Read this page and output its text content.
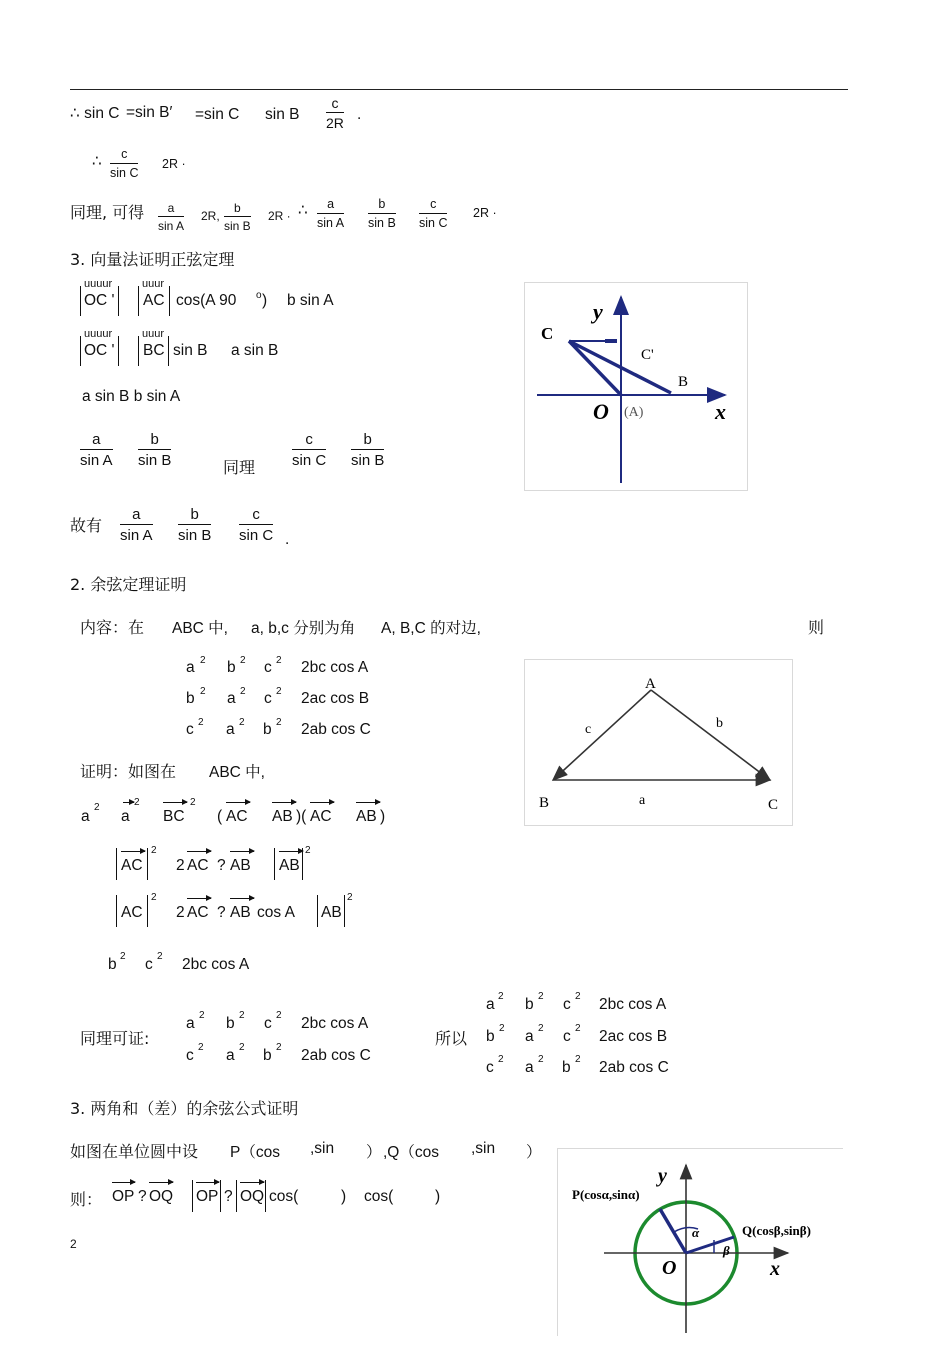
∴ sin C =sin B′ =sin C sin B $\frac{c}{2R}$ .
∴ $\frac{c}{\text{sin C}} 2R$ ·
同理, 可得 $\frac{a}{\text{sin A}} 2R$, $\frac{b}{\text{sin B}} 2R$ · ∴ $\frac{a}{\text{sin A}} \frac{b}{\text{sin B}} \frac{c}{\text{sin C}} 2R$ ·
3. 向量法证明正弦定理
uuuur	uuur
OC ' AC cos(A 90 o ) b sin A
uuuur	uuur
OC ' BC sin B a sin B
a sin B b sin A
$\frac{a}{\text{sin A}} \frac{b}{\text{sin B}}$	同理 $\frac{c}{\text{sin C}} \frac{b}{\text{sin B}}$
故有 $\frac{a}{\text{sin A}} \frac{b}{\text{sin B}} \frac{c}{\text{sin C}}$ .
y
x
O (A)
C
C'
B
2. 余弦定理证明
内容：在 ABC 中, a, b,c 分别为角 A, B,C 的对边,	则
a 2 b 2 c 2 2bc cos A
b 2 a 2 c 2 2ac cos B
c 2 a 2 b 2 2ab cos C
证明：如图在 ABC 中,
a
2
a
2
BC
2
( AC AB )( AC AB )
AC
2
2 AC ? AB AB
2
AC
2
2 AC ? AB cos A AB
2
b 2 c 2 2bc cos A
A
B	C
c	b
a
同理可证:
a 2 b 2 c 2 2bc cos A
c 2 a 2 b 2 2ab cos C
所以
a 2 b 2 c 2 2bc cos A
b 2 a 2 c 2 2ac cos B
c 2 a 2 b 2 2ab cos C
3. 两角和（差）的余弦公式证明
如图在单位圆中设 P（cos ,sin ） ,Q（cos ,sin ）
则： OP ? OQ OP ? OQ cos(	) cos(	)
y
x
O
P(cosα,sinα)
Q(cosβ,sinβ)
α
β
2
